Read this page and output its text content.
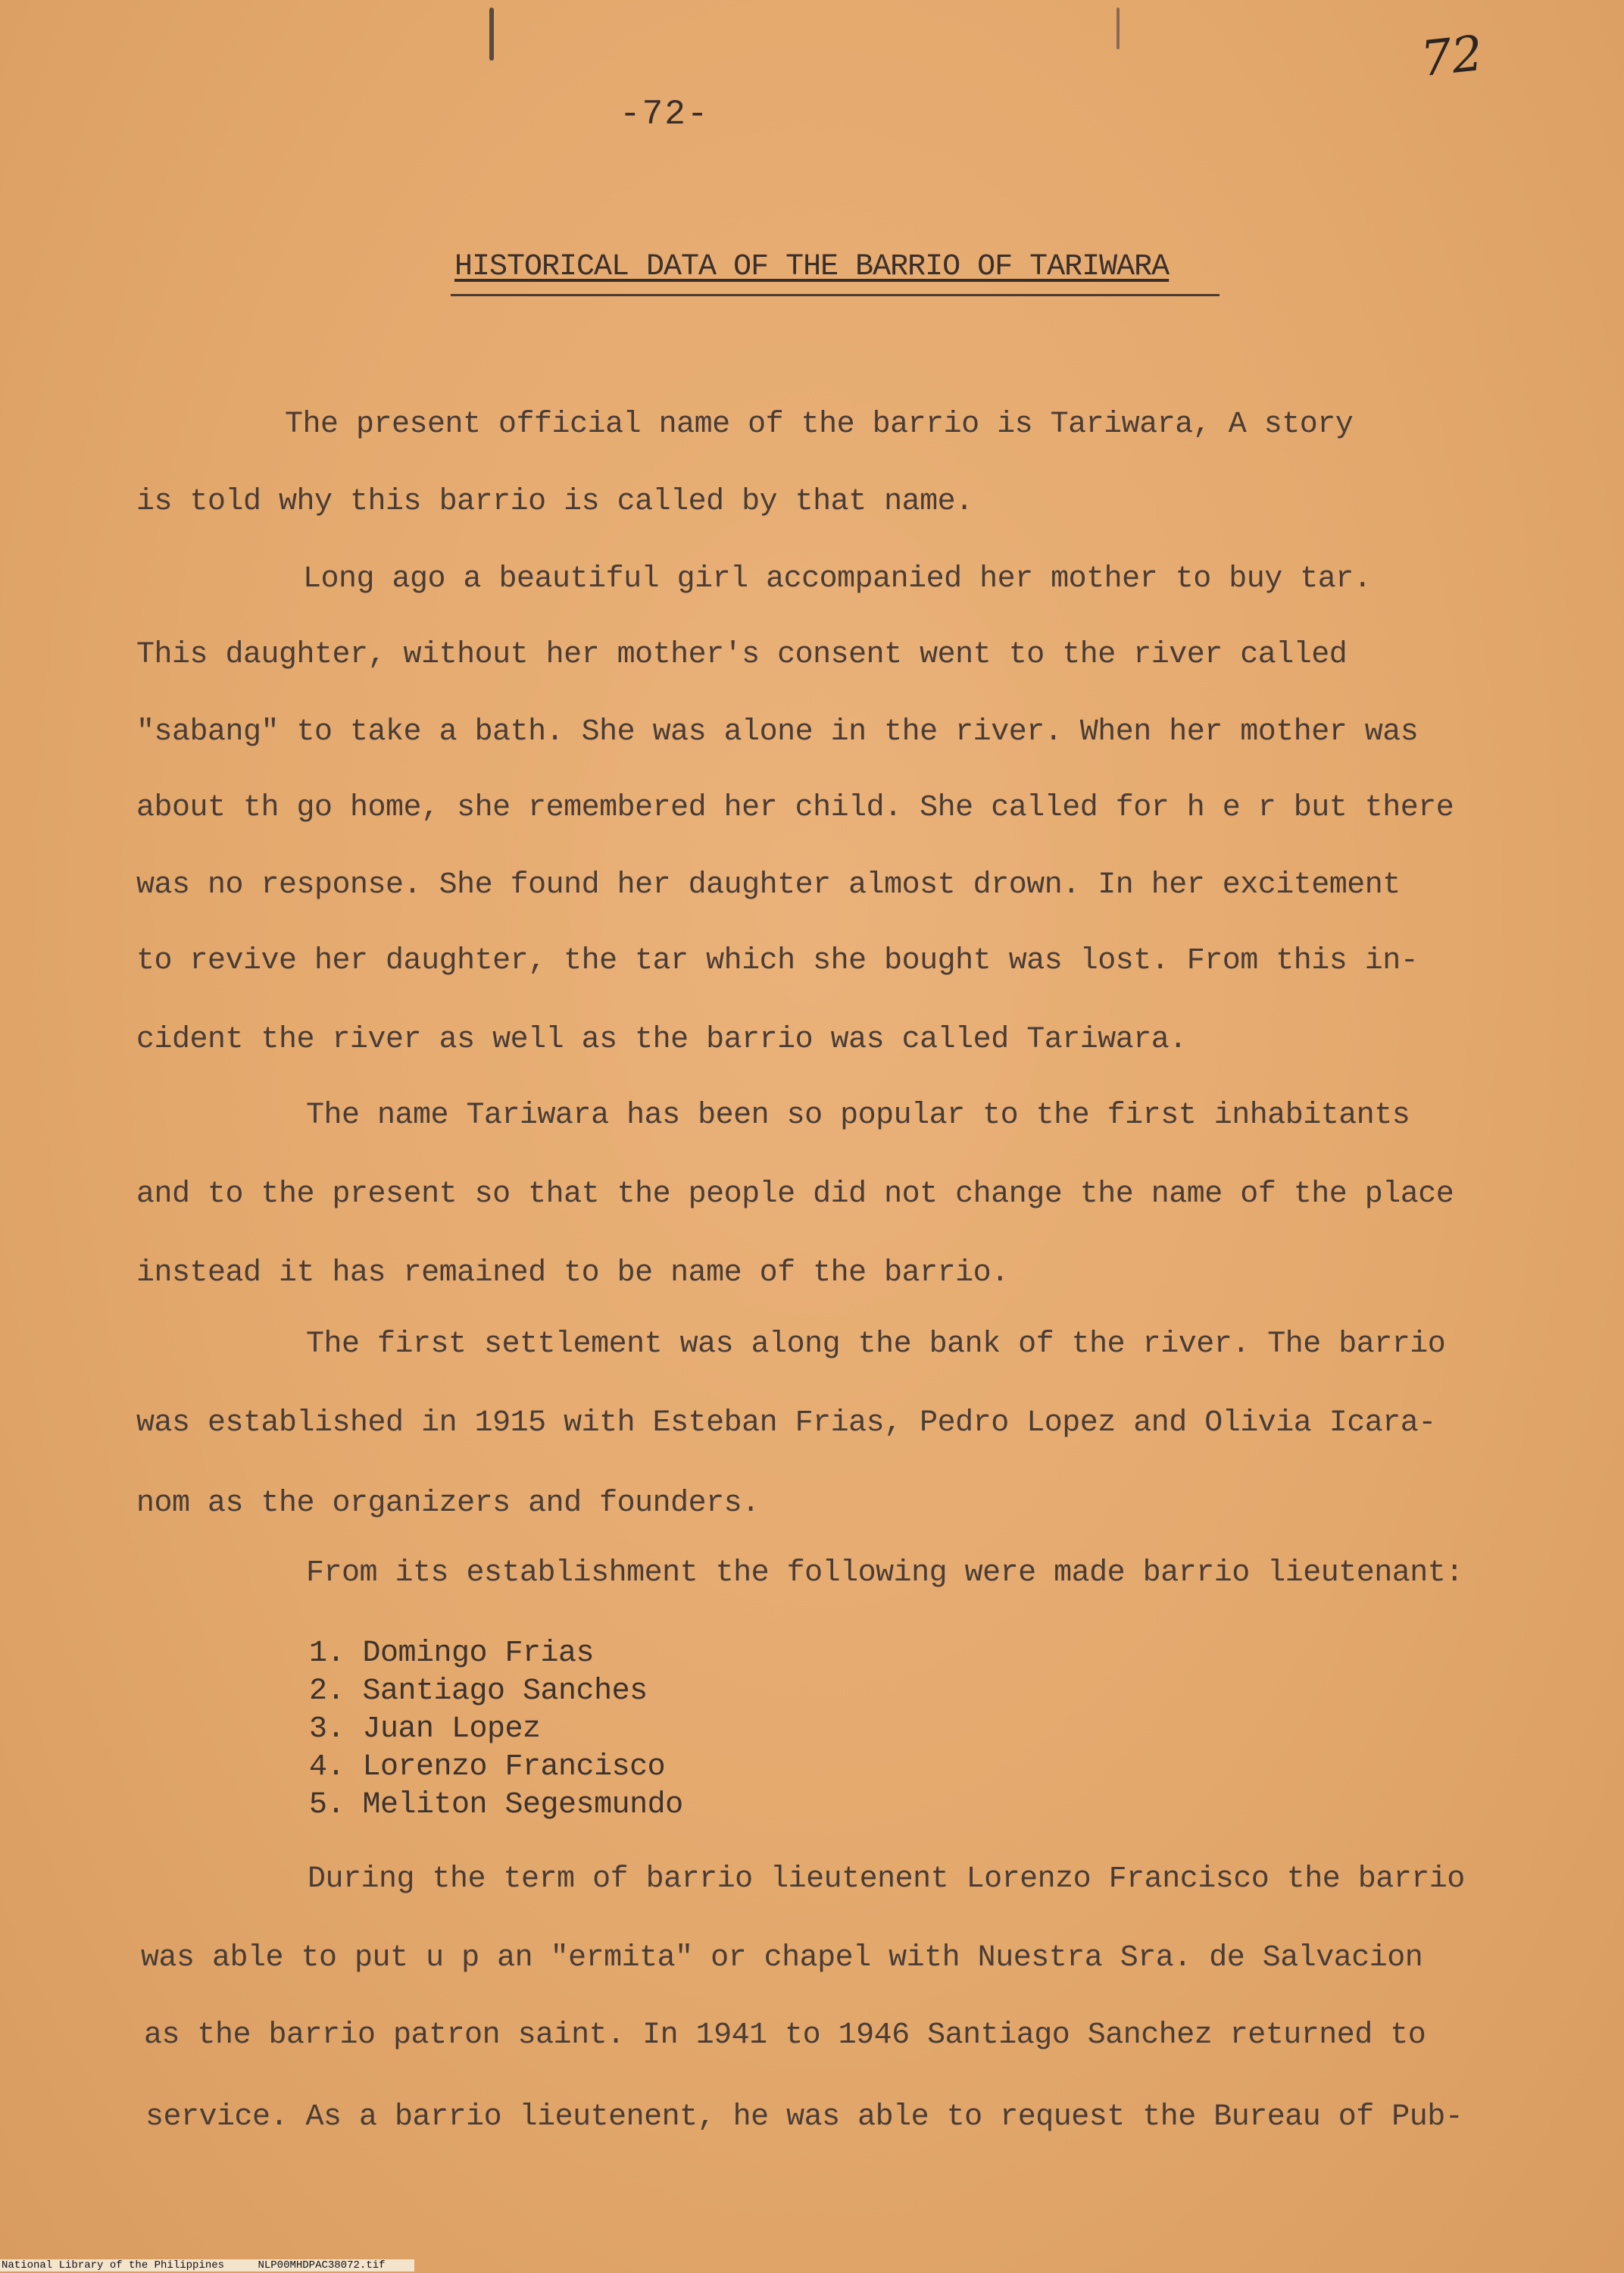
72
-72-
HISTORICAL DATA OF THE BARRIO OF TARIWARA
The present official name of the barrio is Tariwara, A story
is told why this barrio is called by that name.
Long ago a beautiful girl accompanied her mother to buy tar.
This daughter, without her mother's consent went to the river called
"sabang" to take a bath. She was alone in the river. When her mother was
about th go home, she remembered her child. She called for h e r but there
was no response. She found her daughter almost drown. In her excitement
to revive her daughter, the tar which she bought was lost. From this in-
cident the river as well as the barrio was called Tariwara.
The name Tariwara has been so popular to the first inhabitants
and to the present so that the people did not change the name of the place
instead it has remained to be name of the barrio.
The first settlement was along the bank of the river. The barrio
was established in 1915 with Esteban Frias, Pedro Lopez and Olivia Icara-
nom as the organizers and founders.
From its establishment the following were made barrio lieutenant:
1. Domingo Frias
2. Santiago Sanches
3. Juan Lopez
4. Lorenzo Francisco
5. Meliton Segesmundo
During the term of barrio lieutenent Lorenzo Francisco the barrio
was able to put u p an "ermita" or chapel with Nuestra Sra. de Salvacion
as the barrio patron saint. In 1941 to 1946 Santiago Sanchez returned to
service. As a barrio lieutenent, he was able to request the Bureau of Pub-
National Library of the Philippines	NLP00MHDPAC38072.tif
